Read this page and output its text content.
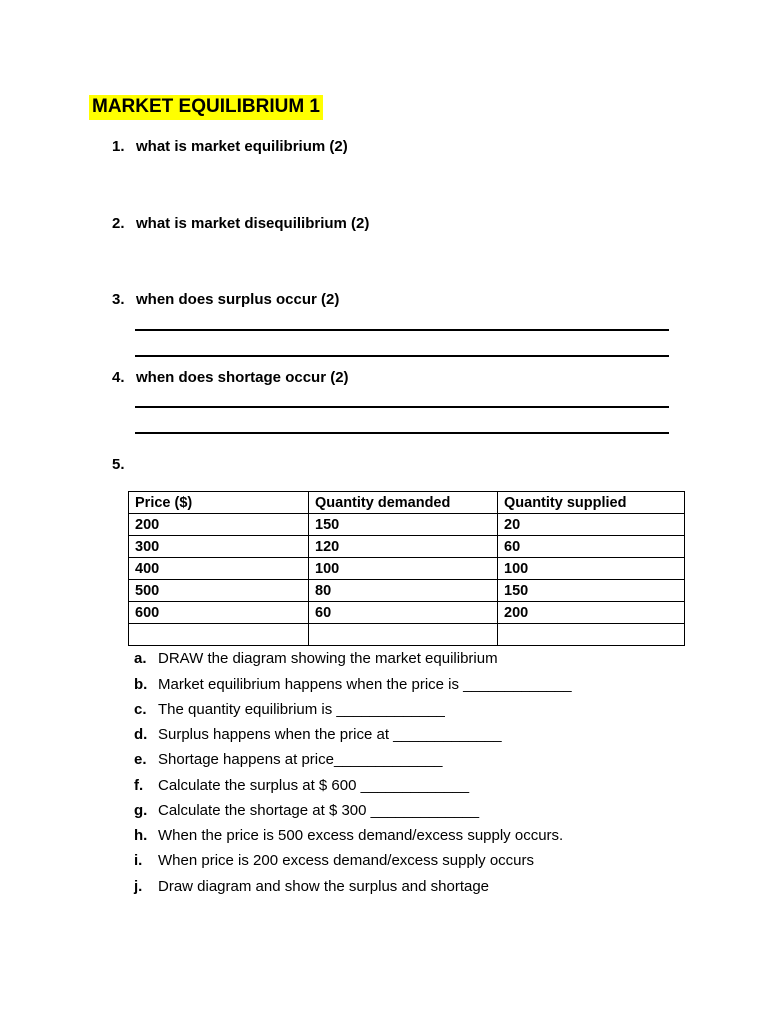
MARKET EQUILIBRIUM 1
1. what is market equilibrium (2)
2. what is market disequilibrium (2)
3. when does surplus occur (2)
4. when does shortage occur (2)
5.
Price ($)	Quantity demanded	Quantity supplied
200	150	20
300	120	60
400	100	100
500	80	150
600	60	200

a. DRAW the diagram showing the market equilibrium
b. Market equilibrium happens when the price is _____________
c. The quantity equilibrium is _____________
d. Surplus happens when the price at _____________
e. Shortage happens at price_____________
f. Calculate the surplus at $ 600 _____________
g. Calculate the shortage at $ 300 _____________
h. When the price is 500 excess demand/excess supply occurs.
i. When price is 200 excess demand/excess supply occurs
j. Draw diagram and show the surplus and shortage
